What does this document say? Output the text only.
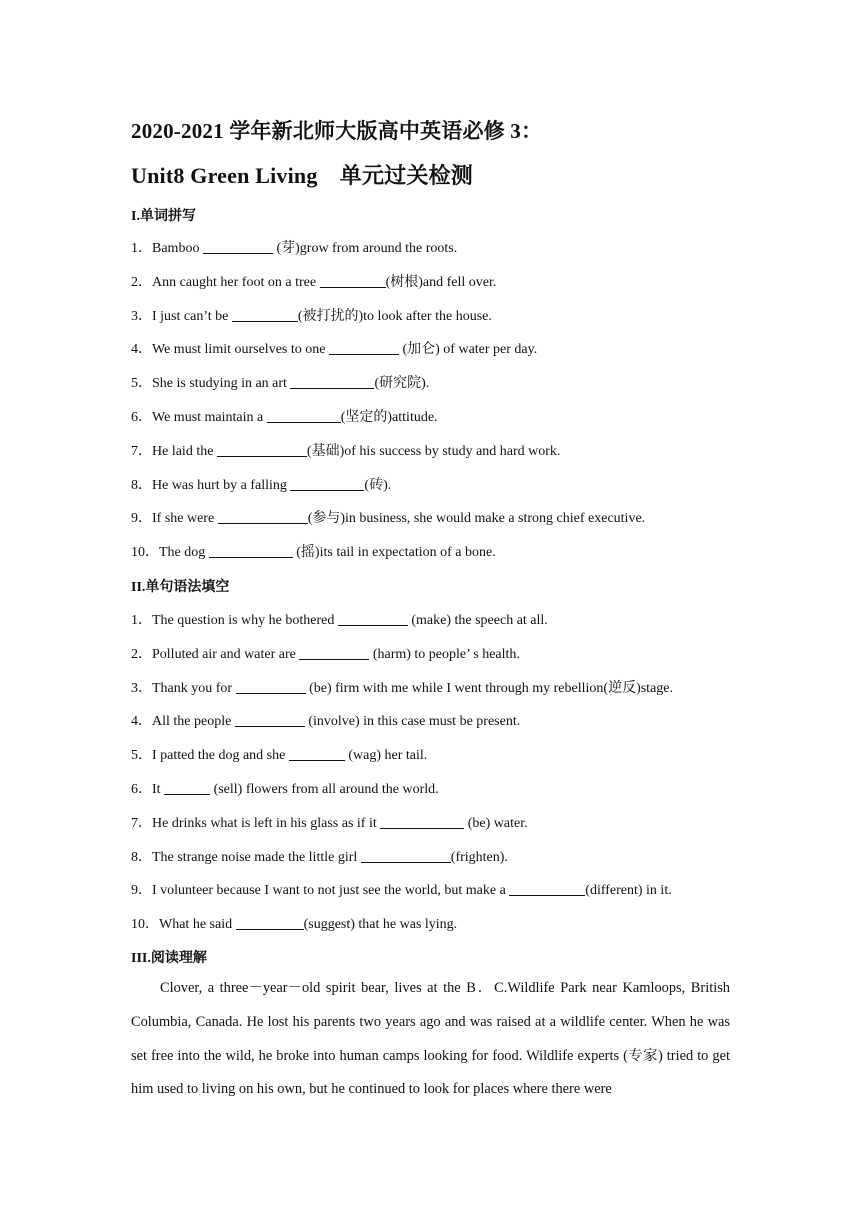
2020-2021 学年新北师大版高中英语必修 3：
Unit8 Green Living　单元过关检测
I.单词拼写
1．Bamboo	(芽)grow from around the roots.
2．Ann caught her foot on a tree	(树根)and fell over.
3．I just can’t be	(被打扰的)to look after the house.
4．We must limit ourselves to one	(加仑) of water per day.
5．She is studying in an art	(研究院).
6．We must maintain a	(坚定的)attitude.
7．He laid the	(基础)of his success by study and hard work.
8．He was hurt by a falling	(砖).
9．If she were	(参与)in business, she would make a strong chief executive.
10．The dog	(摇)its tail in expectation of a bone.
II.单句语法填空
1．The question is why he bothered	(make) the speech at all.
2．Polluted air and water are	(harm) to people’ s health.
3．Thank you for	(be) firm with me while I went through my rebellion(逆反)stage.
4．All the people	(involve) in this case must be present.
5．I patted the dog and she	(wag) her tail.
6．It	(sell) flowers from all around the world.
7．He drinks what is left in his glass as if it	(be) water.
8．The strange noise made the little girl	(frighten).
9．I volunteer because I want to not just see the world, but make a	(different) in it.
10．What he said	(suggest) that he was lying.
III.阅读理解
Clover, a three－year－old spirit bear, lives at the B．C.Wildlife Park near Kamloops, British Columbia, Canada. He lost his parents two years ago and was raised at a wildlife center. When he was set free into the wild, he broke into human camps looking for food. Wildlife experts (专家) tried to get him used to living on his own, but he continued to look for places where there were
